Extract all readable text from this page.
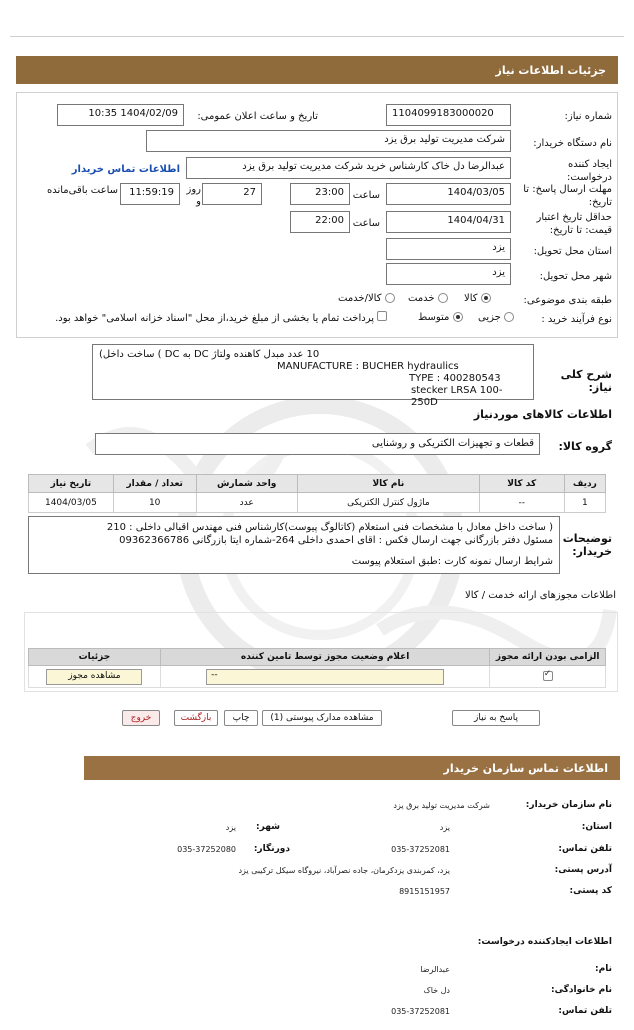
جزئیات اطلاعات نیاز
شماره نیاز:
1104099183000020
تاریخ و ساعت اعلان عمومی:
1404/02/09 10:35
نام دستگاه خریدار:
شرکت مدیریت تولید برق یزد
ایجاد کننده درخواست:
عبدالرضا دل خاک کارشناس خرید شرکت مدیریت تولید برق یزد
اطلاعات تماس خریدار
مهلت ارسال پاسخ: تا تاریخ:
1404/03/05
ساعت
23:00
27
روز و
11:59:19
ساعت باقی‌مانده
حداقل تاریخ اعتبار قیمت: تا تاریخ:
1404/04/31
ساعت
22:00
استان محل تحویل:
یزد
شهر محل تحویل:
یزد
طبقه بندی موضوعی:
کالا
خدمت
کالا/خدمت
نوع فرآیند خرید :
جزیی
متوسط
پرداخت تمام یا بخشی از مبلغ خرید،از محل "اسناد خزانه اسلامی" خواهد بود.
شرح کلی نیاز:
10 عدد مبدل کاهنده ولتاژ DC به DC ) ساخت داخل)
MANUFACTURE : BUCHER hydraulics
TYPE : 400280543
stecker LRSA 100-250D
اطلاعات کالاهای موردنیاز
گروه کالا:
قطعات و تجهیزات الکتریکی و روشنایی
ردیف	کد کالا	نام کالا	واحد شمارش	تعداد / مقدار	تاریخ نیاز
1	--	ماژول کنترل الکتریکی	عدد	10	1404/03/05
توضیحات خریدار:
( ساخت داخل معادل با مشخصات فنی استعلام (کاتالوگ پیوست)کارشناس فنی مهندس اقبالی داخلی : 210
مسئول دفتر بازرگانی جهت ارسال فکس : اقای احمدی داخلی 264-شماره ایتا بازرگانی 09362366786
شرایط ارسال نمونه کارت :طبق استعلام پیوست
اطلاعات مجوزهای ارائه خدمت / کالا
الزامی بودن ارائه مجوز	اعلام وضعیت مجوز توسط تامین کننده	جزئیات
✓	
--	مشاهده مجوز
پاسخ به نیاز
مشاهده مدارک پیوستی (1)
چاپ
بازگشت
خروج
اطلاعات تماس سازمان خریدار
نام سازمان خریدار:
شرکت مدیریت تولید برق یزد
استان:
یزد
شهر:
یزد
تلفن تماس:
035-37252081
دورنگار:
035-37252080
آدرس پستی:
یزد، کمربندی یزدکرمان، جاده نصرآباد، نیروگاه سیکل ترکیبی یزد
کد پستی:
8915151957
اطلاعات ایجادکننده درخواست:
نام:
عبدالرضا
نام خانوادگی:
دل خاک
تلفن تماس:
035-37252081
